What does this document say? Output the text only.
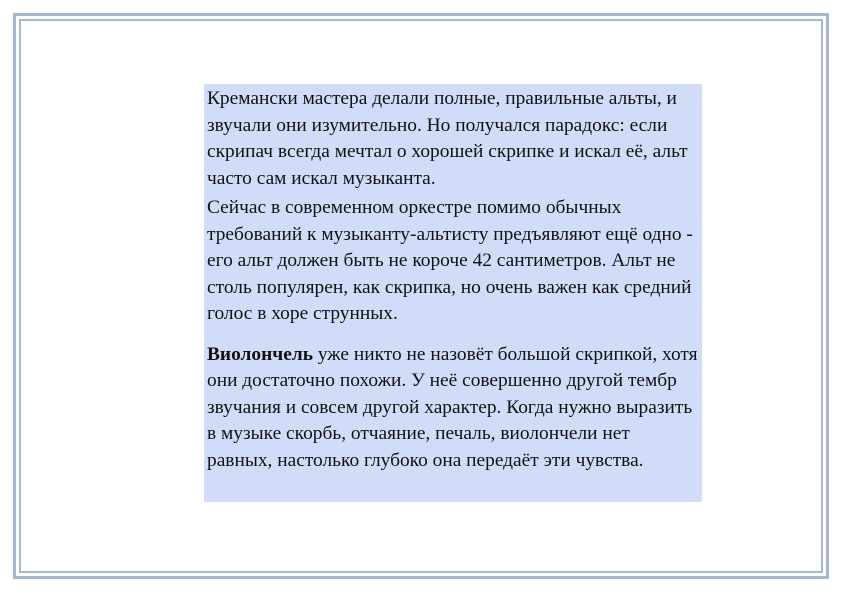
Кремански мастера делали полные, правильные альты, и звучали они изумительно. Но получался парадокс: если скрипач всегда мечтал о хорошей скрипке и искал её, альт часто сам искал музыканта.

Сейчас в современном оркестре помимо обычных требований к музыканту-альтисту предъявляют ещё одно - его альт должен быть не короче 42 сантиметров. Альт не столь популярен, как скрипка, но очень важен как средний голос в хоре струнных.

Виолончель уже никто не назовёт большой скрипкой, хотя они достаточно похожи. У неё совершенно другой тембр звучания и совсем другой характер. Когда нужно выразить в музыке скорбь, отчаяние, печаль, виолончели нет равных, настолько глубоко она передаёт эти чувства.
